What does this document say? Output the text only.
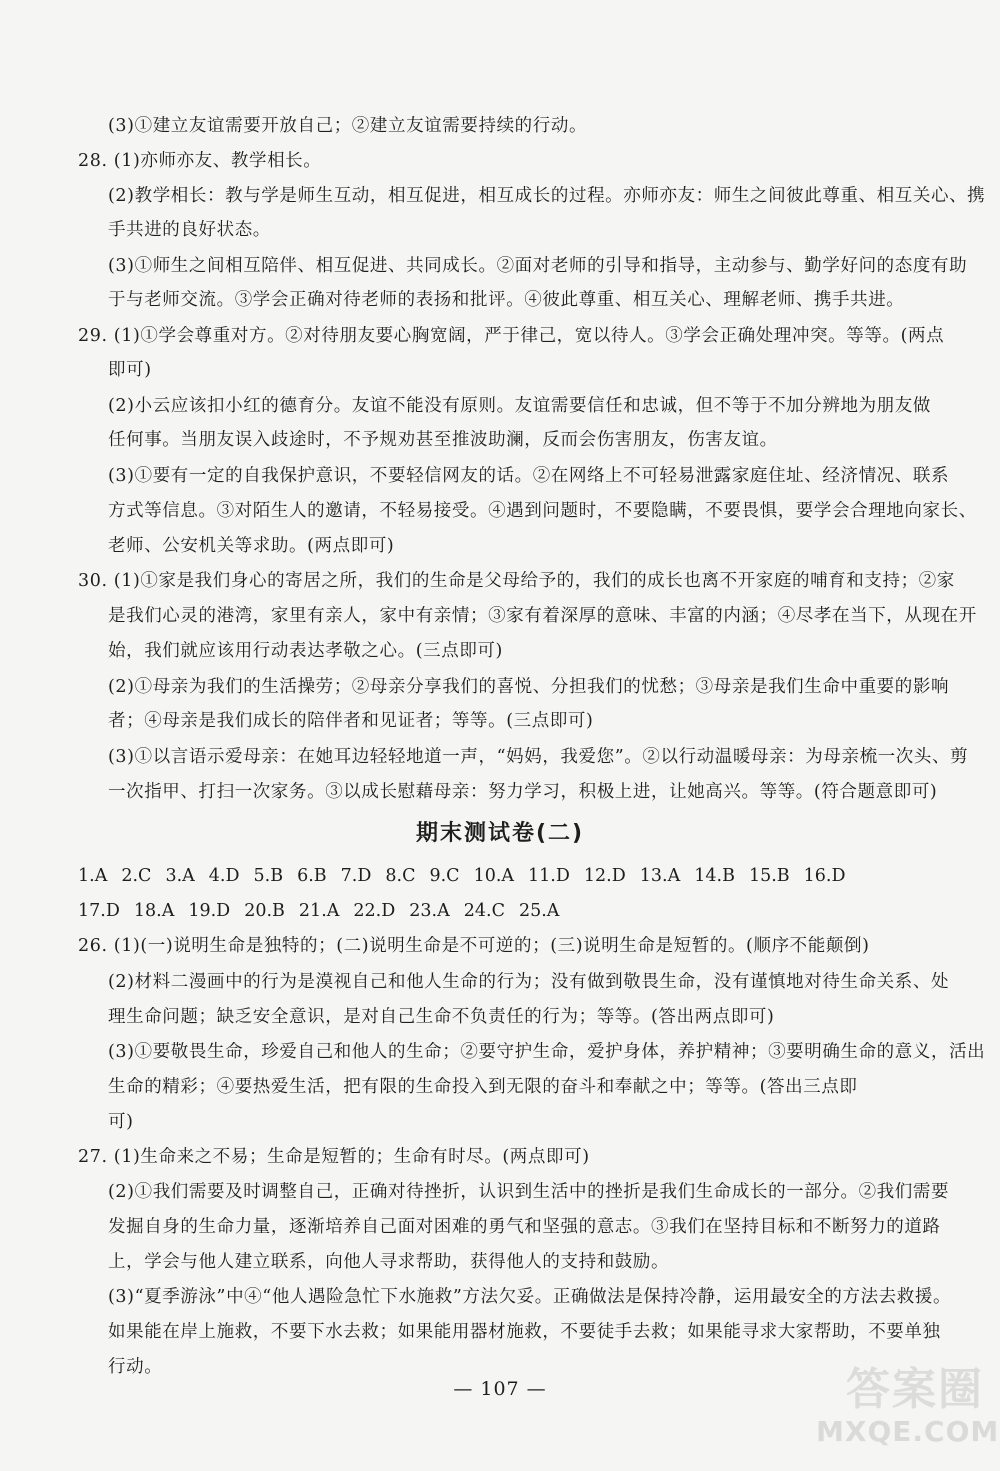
(3)①建立友谊需要开放自己；②建立友谊需要持续的行动。
28. (1)亦师亦友、教学相长。
(2)教学相长：教与学是师生互动，相互促进，相互成长的过程。亦师亦友：师生之间彼此尊重、相互关心、携
手共进的良好状态。
(3)①师生之间相互陪伴、相互促进、共同成长。②面对老师的引导和指导，主动参与、勤学好问的态度有助
于与老师交流。③学会正确对待老师的表扬和批评。④彼此尊重、相互关心、理解老师、携手共进。
29. (1)①学会尊重对方。②对待朋友要心胸宽阔，严于律己，宽以待人。③学会正确处理冲突。等等。(两点
即可)
(2)小云应该扣小红的德育分。友谊不能没有原则。友谊需要信任和忠诚，但不等于不加分辨地为朋友做
任何事。当朋友误入歧途时，不予规劝甚至推波助澜，反而会伤害朋友，伤害友谊。
(3)①要有一定的自我保护意识，不要轻信网友的话。②在网络上不可轻易泄露家庭住址、经济情况、联系
方式等信息。③对陌生人的邀请，不轻易接受。④遇到问题时，不要隐瞒，不要畏惧，要学会合理地向家长、
老师、公安机关等求助。(两点即可)
30. (1)①家是我们身心的寄居之所，我们的生命是父母给予的，我们的成长也离不开家庭的哺育和支持；②家
是我们心灵的港湾，家里有亲人，家中有亲情；③家有着深厚的意味、丰富的内涵；④尽孝在当下，从现在开
始，我们就应该用行动表达孝敬之心。(三点即可)
(2)①母亲为我们的生活操劳；②母亲分享我们的喜悦、分担我们的忧愁；③母亲是我们生命中重要的影响
者；④母亲是我们成长的陪伴者和见证者；等等。(三点即可)
(3)①以言语示爱母亲：在她耳边轻轻地道一声，“妈妈，我爱您”。②以行动温暖母亲：为母亲梳一次头、剪
一次指甲、打扫一次家务。③以成长慰藉母亲：努力学习，积极上进，让她高兴。等等。(符合题意即可)
期末测试卷(二)
1.A 2.C 3.A 4.D 5.B 6.B 7.D 8.C 9.C 10.A 11.D 12.D 13.A 14.B 15.B 16.D
17.D 18.A 19.D 20.B 21.A 22.D 23.A 24.C 25.A
26. (1)(一)说明生命是独特的；(二)说明生命是不可逆的；(三)说明生命是短暂的。(顺序不能颠倒)
(2)材料二漫画中的行为是漠视自己和他人生命的行为；没有做到敬畏生命，没有谨慎地对待生命关系、处
理生命问题；缺乏安全意识，是对自己生命不负责任的行为；等等。(答出两点即可)
(3)①要敬畏生命，珍爱自己和他人的生命；②要守护生命，爱护身体，养护精神；③要明确生命的意义，活出
生命的精彩；④要热爱生活，把有限的生命投入到无限的奋斗和奉献之中；等等。(答出三点即
可)
27. (1)生命来之不易；生命是短暂的；生命有时尽。(两点即可)
(2)①我们需要及时调整自己，正确对待挫折，认识到生活中的挫折是我们生命成长的一部分。②我们需要
发掘自身的生命力量，逐渐培养自己面对困难的勇气和坚强的意志。③我们在坚持目标和不断努力的道路
上，学会与他人建立联系，向他人寻求帮助，获得他人的支持和鼓励。
(3)“夏季游泳”中④“他人遇险急忙下水施救”方法欠妥。正确做法是保持冷静，运用最安全的方法去救援。
如果能在岸上施救，不要下水去救；如果能用器材施救，不要徒手去救；如果能寻求大家帮助，不要单独
行动。
— 107 —	答案圈
MXQE.COM
